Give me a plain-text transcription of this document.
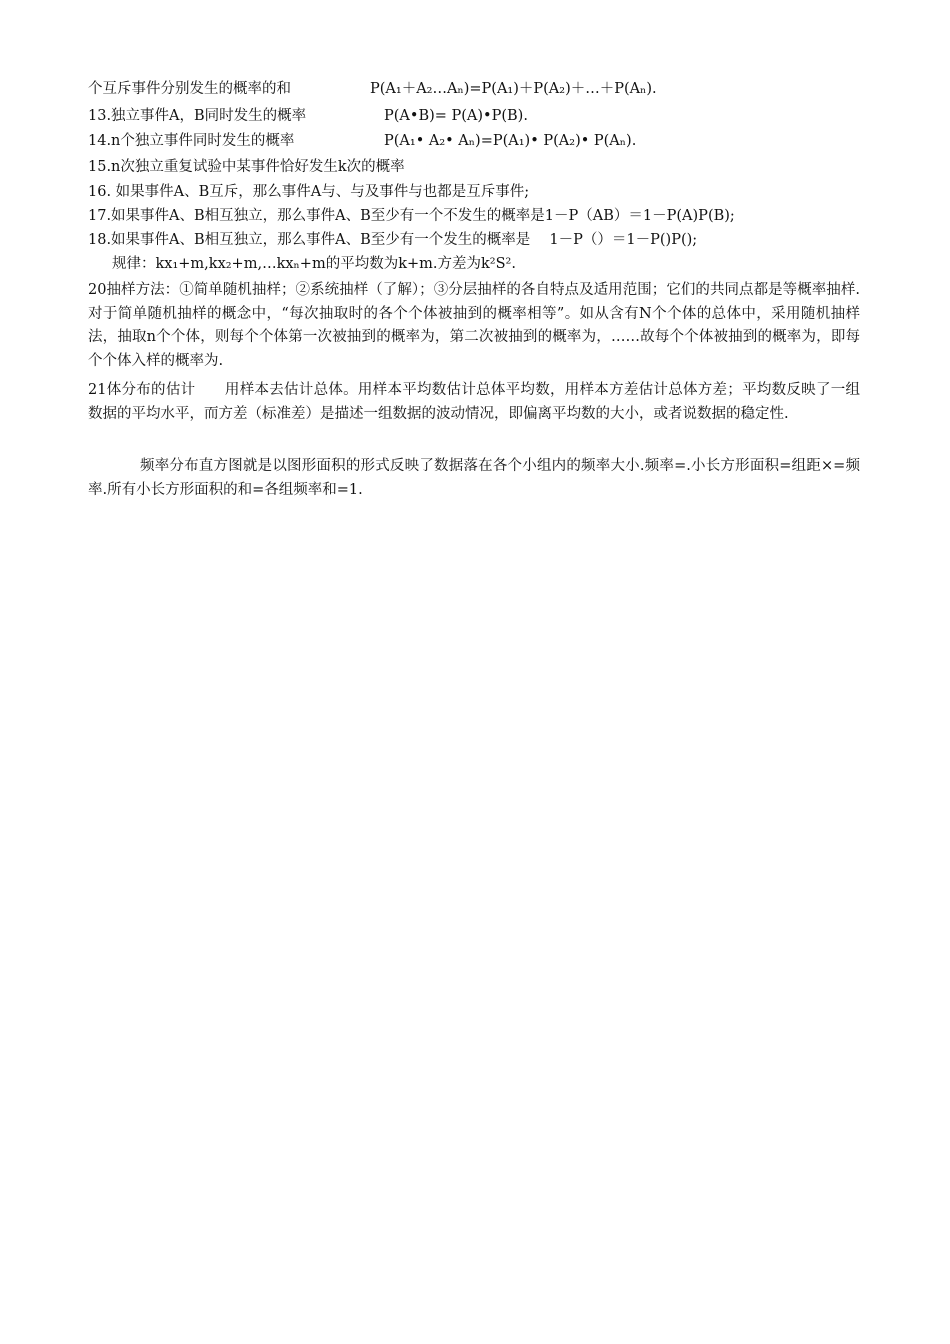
个互斥事件分别发生的概率的和	P(A₁＋A₂…Aₙ)=P(A₁)＋P(A₂)＋…＋P(Aₙ).
13.独立事件A，B同时发生的概率	P(A•B)= P(A)•P(B).
14.n个独立事件同时发生的概率	P(A₁• A₂• Aₙ)=P(A₁)• P(A₂)• P(Aₙ).
15.n次独立重复试验中某事件恰好发生k次的概率
16. 如果事件A、B互斥，那么事件A与、与及事件与也都是互斥事件;
17.如果事件A、B相互独立，那么事件A、B至少有一个不发生的概率是1－P（AB）＝1－P(A)P(B);
18.如果事件A、B相互独立，那么事件A、B至少有一个发生的概率是　 1－P（）＝1－P()P();
规律：kx₁+m,kx₂+m,…kxₙ+m的平均数为k+m.方差为k²S².
20抽样方法：①简单随机抽样；②系统抽样（了解）；③分层抽样的各自特点及适用范围；它们的共同点都是等概率抽样.对于简单随机抽样的概念中，“每次抽取时的各个个体被抽到的概率相等”。如从含有N个个体的总体中，采用随机抽样法，抽取n个个体，则每个个体第一次被抽到的概率为，第二次被抽到的概率为，……故每个个体被抽到的概率为，即每个个体入样的概率为.
21体分布的估计　　用样本去估计总体。用样本平均数估计总体平均数，用样本方差估计总体方差；平均数反映了一组数据的平均水平，而方差（标准差）是描述一组数据的波动情况，即偏离平均数的大小，或者说数据的稳定性.
频率分布直方图就是以图形面积的形式反映了数据落在各个小组内的频率大小.频率=.小长方形面积=组距×=频率.所有小长方形面积的和=各组频率和=1.
